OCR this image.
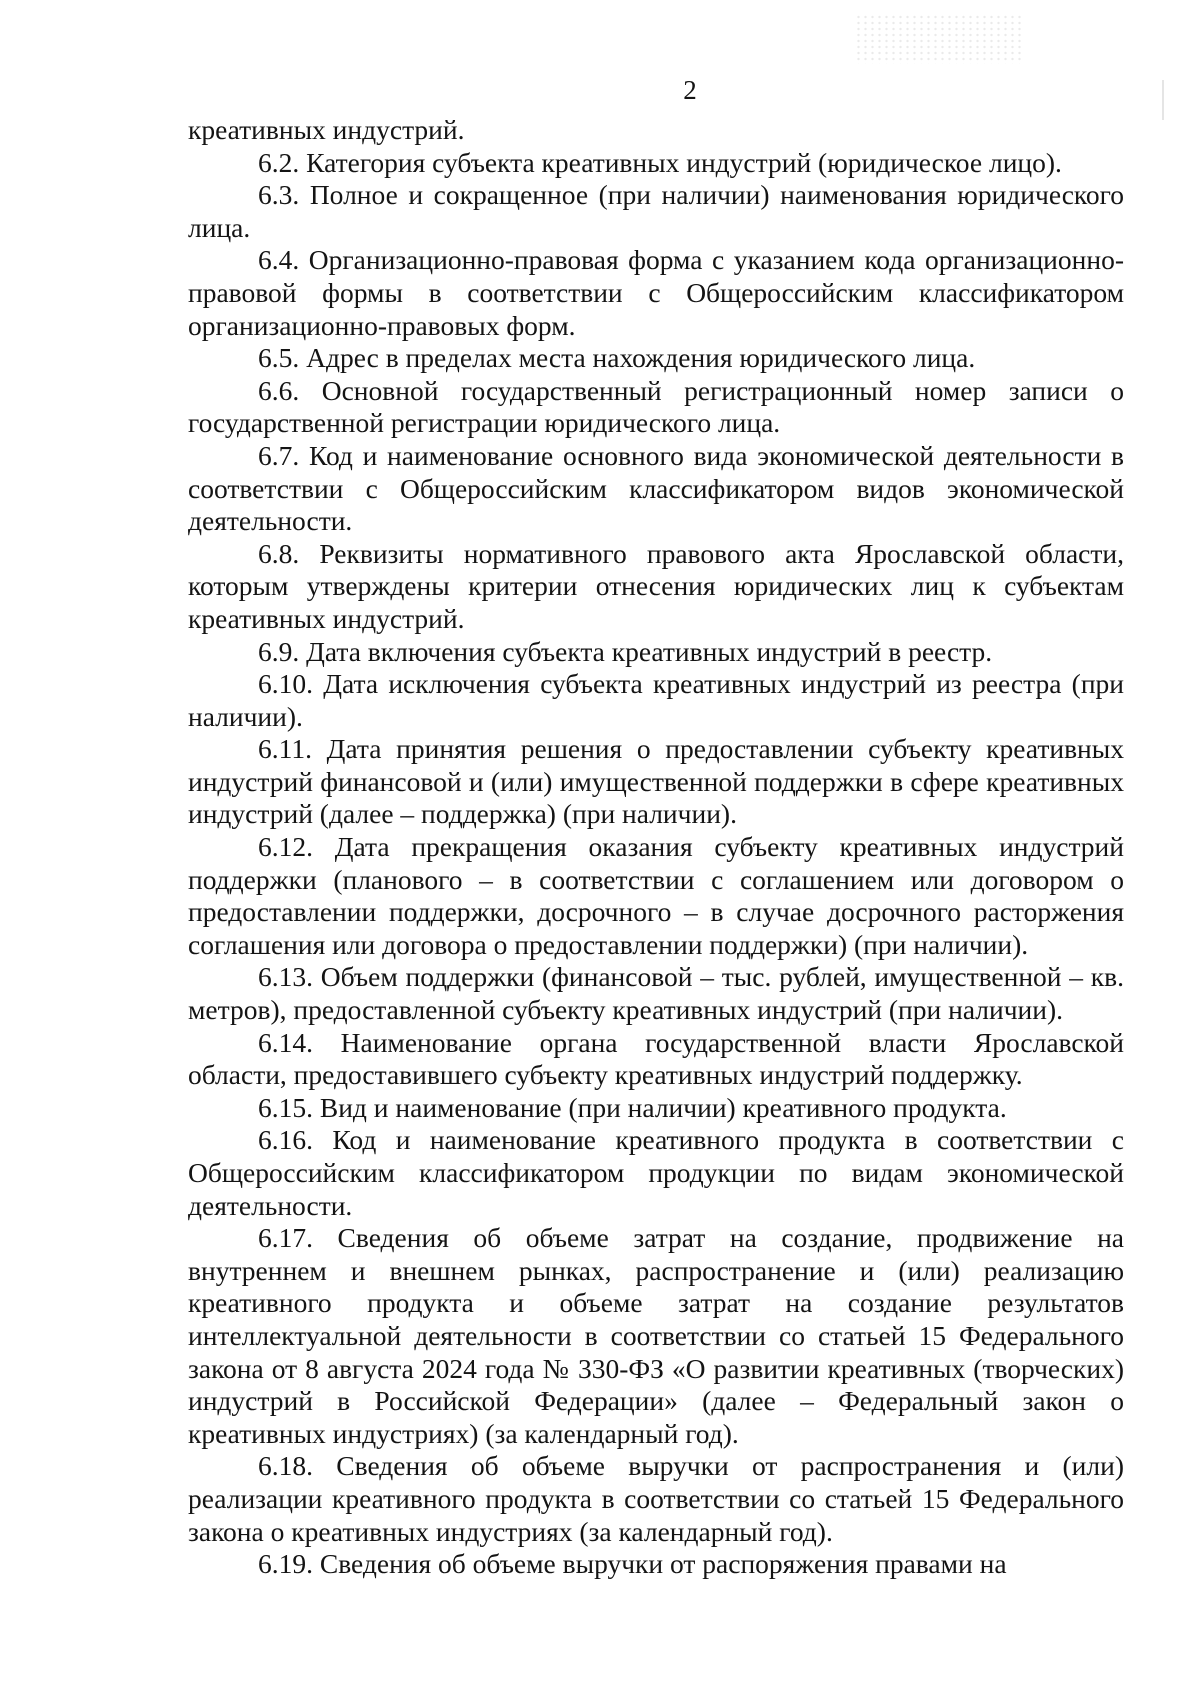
2

креативных индустрий.

6.2. Категория субъекта креативных индустрий (юридическое лицо).

6.3. Полное и сокращенное (при наличии) наименования юридического лица.

6.4. Организационно-правовая форма с указанием кода организационно-правовой формы в соответствии с Общероссийским классификатором организационно-правовых форм.

6.5. Адрес в пределах места нахождения юридического лица.

6.6. Основной государственный регистрационный номер записи о государственной регистрации юридического лица.

6.7. Код и наименование основного вида экономической деятельности в соответствии с Общероссийским классификатором видов экономической деятельности.

6.8. Реквизиты нормативного правового акта Ярославской области, которым утверждены критерии отнесения юридических лиц к субъектам креативных индустрий.

6.9. Дата включения субъекта креативных индустрий в реестр.

6.10. Дата исключения субъекта креативных индустрий из реестра (при наличии).

6.11. Дата принятия решения о предоставлении субъекту креативных индустрий финансовой и (или) имущественной поддержки в сфере креативных индустрий (далее – поддержка) (при наличии).

6.12. Дата прекращения оказания субъекту креативных индустрий поддержки (планового – в соответствии с соглашением или договором о предоставлении поддержки, досрочного – в случае досрочного расторжения соглашения или договора о предоставлении поддержки) (при наличии).

6.13. Объем поддержки (финансовой – тыс. рублей, имущественной – кв. метров), предоставленной субъекту креативных индустрий (при наличии).

6.14. Наименование органа государственной власти Ярославской области, предоставившего субъекту креативных индустрий поддержку.

6.15. Вид и наименование (при наличии) креативного продукта.

6.16. Код и наименование креативного продукта в соответствии с Общероссийским классификатором продукции по видам экономической деятельности.

6.17. Сведения об объеме затрат на создание, продвижение на внутреннем и внешнем рынках, распространение и (или) реализацию креативного продукта и объеме затрат на создание результатов интеллектуальной деятельности в соответствии со статьей 15 Федерального закона от 8 августа 2024 года № 330-ФЗ «О развитии креативных (творческих) индустрий в Российской Федерации» (далее – Федеральный закон о креативных индустриях) (за календарный год).

6.18. Сведения об объеме выручки от распространения и (или) реализации креативного продукта в соответствии со статьей 15 Федерального закона о креативных индустриях (за календарный год).

6.19. Сведения об объеме выручки от распоряжения правами на
